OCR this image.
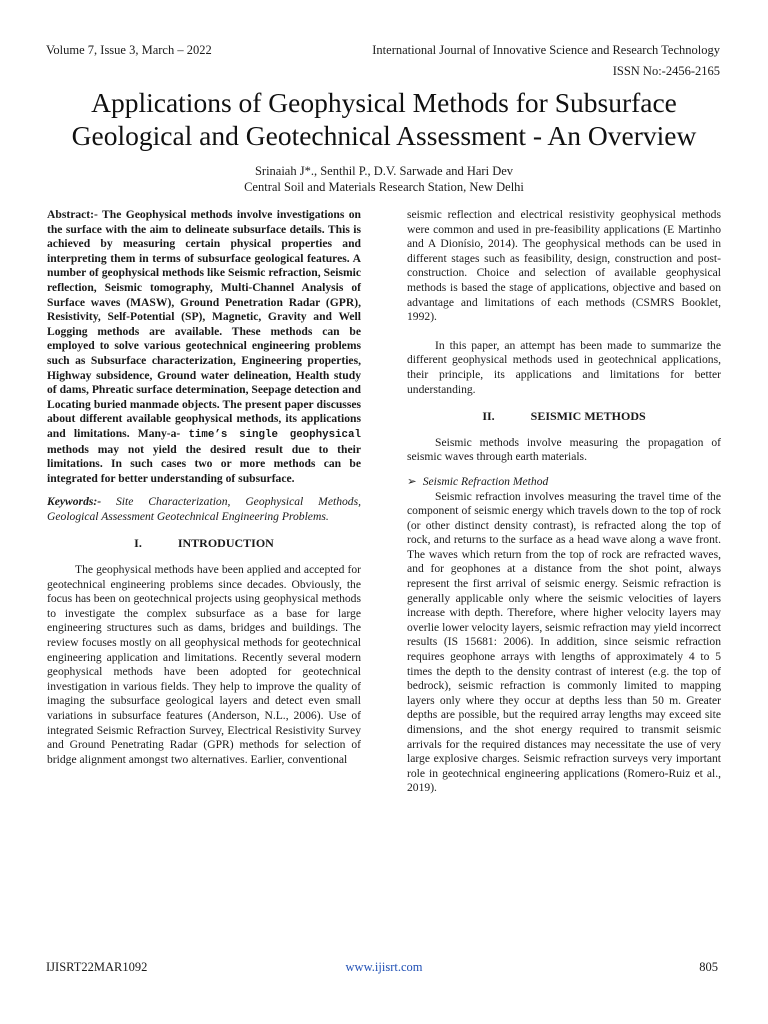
Volume 7, Issue 3, March – 2022	International Journal of Innovative Science and Research Technology
ISSN No:-2456-2165
Applications of Geophysical Methods for Subsurface
Geological and Geotechnical Assessment - An Overview
Srinaiah J*., Senthil P., D.V. Sarwade and Hari Dev
Central Soil and Materials Research Station, New Delhi

Abstract:- The Geophysical methods involve investigations on the surface with the aim to delineate subsurface details. This is achieved by measuring certain physical properties and interpreting them in terms of subsurface geological features. A number of geophysical methods like Seismic refraction, Seismic reflection, Seismic tomography, Multi-Channel Analysis of Surface waves (MASW), Ground Penetration Radar (GPR), Resistivity, Self-Potential (SP), Magnetic, Gravity and Well Logging methods are available. These methods can be employed to solve various geotechnical engineering problems such as Subsurface characterization, Engineering properties, Highway subsidence, Ground water delineation, Health study of dams, Phreatic surface determination, Seepage detection and Locating buried manmade objects. The present paper discusses about different available geophysical methods, its applications and limitations. Many-a- time’s single geophysical methods may not yield the desired result due to their limitations. In such cases two or more methods can be integrated for better understanding of subsurface.

Keywords:- Site Characterization, Geophysical Methods, Geological Assessment Geotechnical Engineering Problems.

I.	INTRODUCTION

The geophysical methods have been applied and accepted for geotechnical engineering problems since decades. Obviously, the focus has been on geotechnical projects using geophysical methods to investigate the complex subsurface as a base for large engineering structures such as dams, bridges and buildings. The review focuses mostly on all geophysical methods for geotechnical engineering application and limitations. Recently several modern geophysical methods have been adopted for geotechnical investigation in various fields. They help to improve the quality of imaging the subsurface geological layers and detect even small variations in subsurface features (Anderson, N.L., 2006). Use of integrated Seismic Refraction Survey, Electrical Resistivity Survey and Ground Penetrating Radar (GPR) methods for selection of bridge alignment amongst two alternatives. Earlier, conventional

seismic reflection and electrical resistivity geophysical methods were common and used in pre-feasibility applications (E Martinho and A Dionísio, 2014). The geophysical methods can be used in different stages such as feasibility, design, construction and post-construction. Choice and selection of available geophysical methods is based the stage of applications, objective and based on advantage and limitations of each methods (CSMRS Booklet, 1992).

In this paper, an attempt has been made to summarize the different geophysical methods used in geotechnical applications, their principle, its applications and limitations for better understanding.

II.	SEISMIC METHODS

Seismic methods involve measuring the propagation of seismic waves through earth materials.

➢ Seismic Refraction Method

Seismic refraction involves measuring the travel time of the component of seismic energy which travels down to the top of rock (or other distinct density contrast), is refracted along the top of rock, and returns to the surface as a head wave along a wave front. The waves which return from the top of rock are refracted waves, and for geophones at a distance from the shot point, always represent the first arrival of seismic energy. Seismic refraction is generally applicable only where the seismic velocities of layers increase with depth. Therefore, where higher velocity layers may overlie lower velocity layers, seismic refraction may yield incorrect results (IS 15681: 2006). In addition, since seismic refraction requires geophone arrays with lengths of approximately 4 to 5 times the depth to the density contrast of interest (e.g. the top of bedrock), seismic refraction is commonly limited to mapping layers only where they occur at depths less than 50 m. Greater depths are possible, but the required array lengths may exceed site dimensions, and the shot energy required to transmit seismic arrivals for the required distances may necessitate the use of very large explosive charges. Seismic refraction surveys very important role in geotechnical engineering applications (Romero-Ruiz et al., 2019).

IJISRT22MAR1092	www.ijisrt.com	805
